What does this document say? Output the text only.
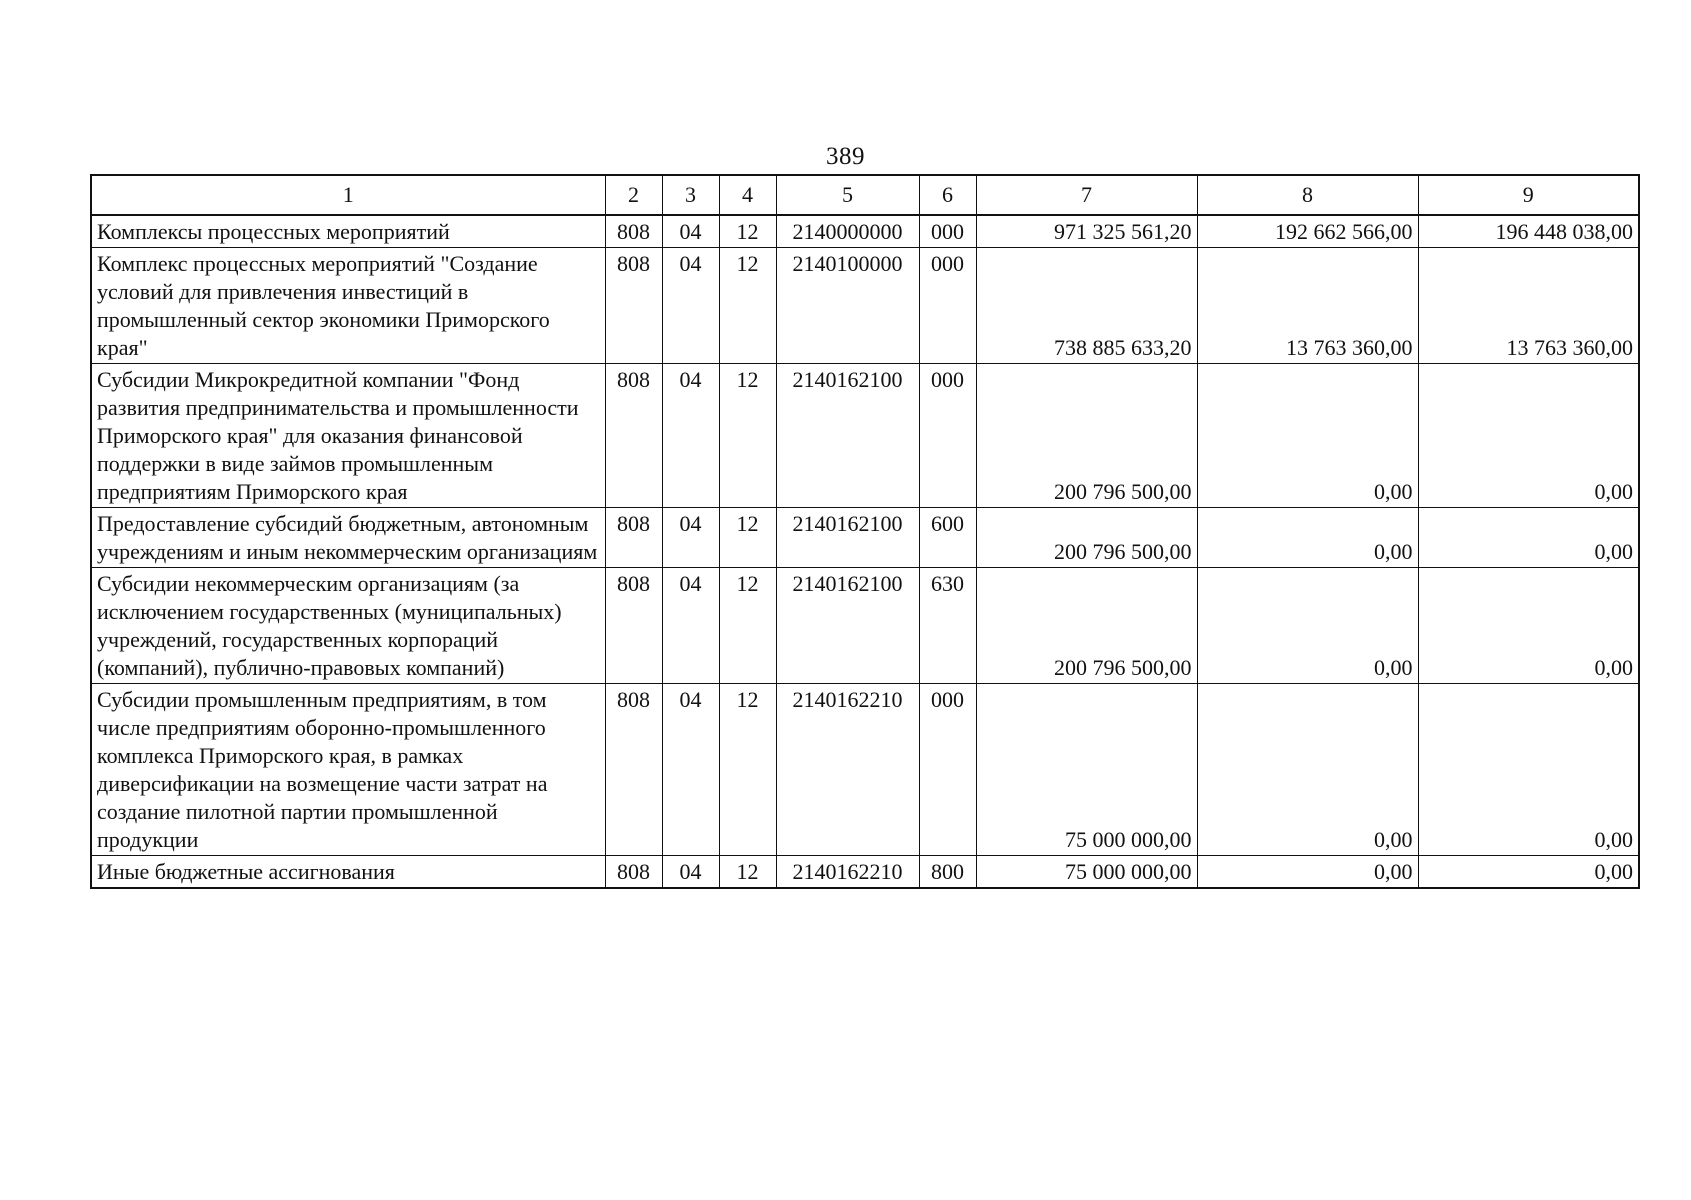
389
1	2	3	4	5	6	7	8	9
Комплексы процессных мероприятий	808	04	12	2140000000	000	971 325 561,20	192 662 566,00	196 448 038,00
Комплекс процессных мероприятий "Создание условий для привлечения инвестиций в промышленный сектор экономики Приморского края"	808	04	12	2140100000	000	738 885 633,20	13 763 360,00	13 763 360,00
Субсидии Микрокредитной компании "Фонд развития предпринимательства и промышленности Приморского края" для оказания финансовой поддержки в виде займов промышленным предприятиям Приморского края	808	04	12	2140162100	000	200 796 500,00	0,00	0,00
Предоставление субсидий бюджетным, автономным учреждениям и иным некоммерческим организациям	808	04	12	2140162100	600	200 796 500,00	0,00	0,00
Субсидии некоммерческим организациям (за исключением государственных (муниципальных) учреждений, государственных корпораций (компаний), публично-правовых компаний)	808	04	12	2140162100	630	200 796 500,00	0,00	0,00
Субсидии промышленным предприятиям, в том числе предприятиям оборонно-промышленного комплекса Приморского края, в рамках диверсификации на возмещение части затрат на создание пилотной партии промышленной продукции	808	04	12	2140162210	000	75 000 000,00	0,00	0,00
Иные бюджетные ассигнования	808	04	12	2140162210	800	75 000 000,00	0,00	0,00
